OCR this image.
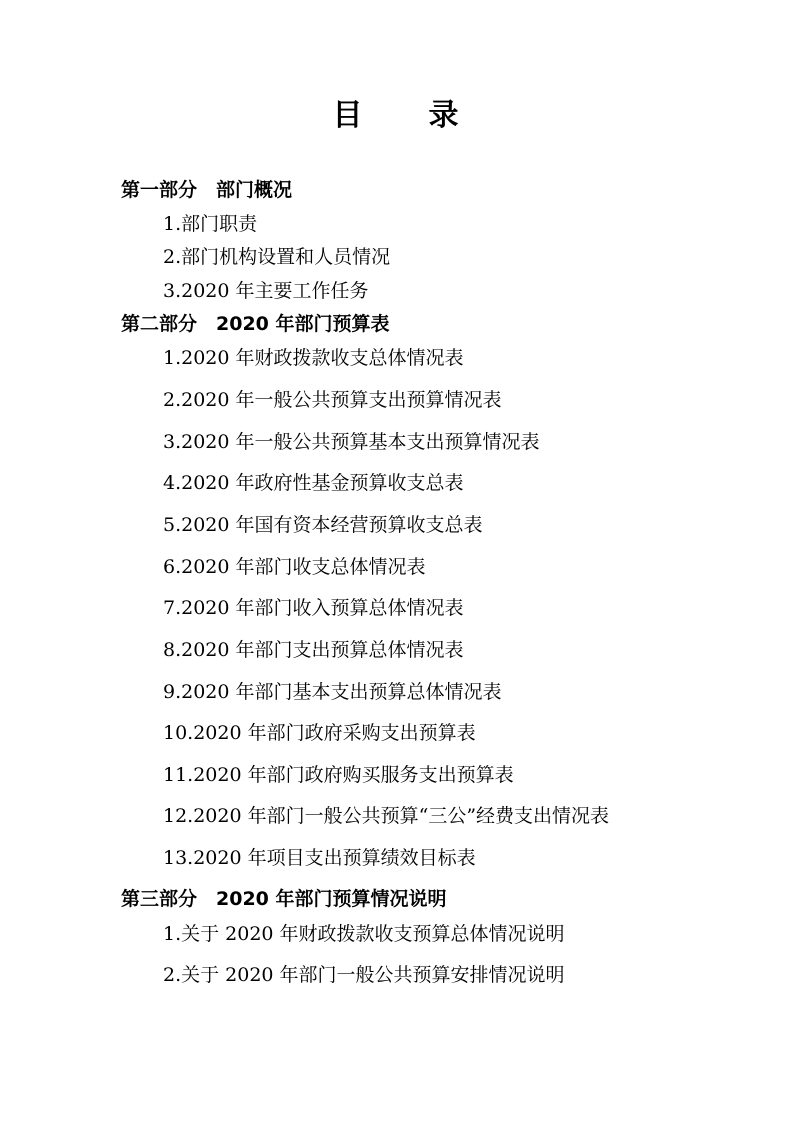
目　　录
第一部分　部门概况
1.部门职责
2.部门机构设置和人员情况
3.2020 年主要工作任务
第二部分　2020 年部门预算表
1.2020 年财政拨款收支总体情况表
2.2020 年一般公共预算支出预算情况表
3.2020 年一般公共预算基本支出预算情况表
4.2020 年政府性基金预算收支总表
5.2020 年国有资本经营预算收支总表
6.2020 年部门收支总体情况表
7.2020 年部门收入预算总体情况表
8.2020 年部门支出预算总体情况表
9.2020 年部门基本支出预算总体情况表
10.2020 年部门政府采购支出预算表
11.2020 年部门政府购买服务支出预算表
12.2020 年部门一般公共预算“三公”经费支出情况表
13.2020 年项目支出预算绩效目标表
第三部分　2020 年部门预算情况说明
1.关于 2020 年财政拨款收支预算总体情况说明
2.关于 2020 年部门一般公共预算安排情况说明
